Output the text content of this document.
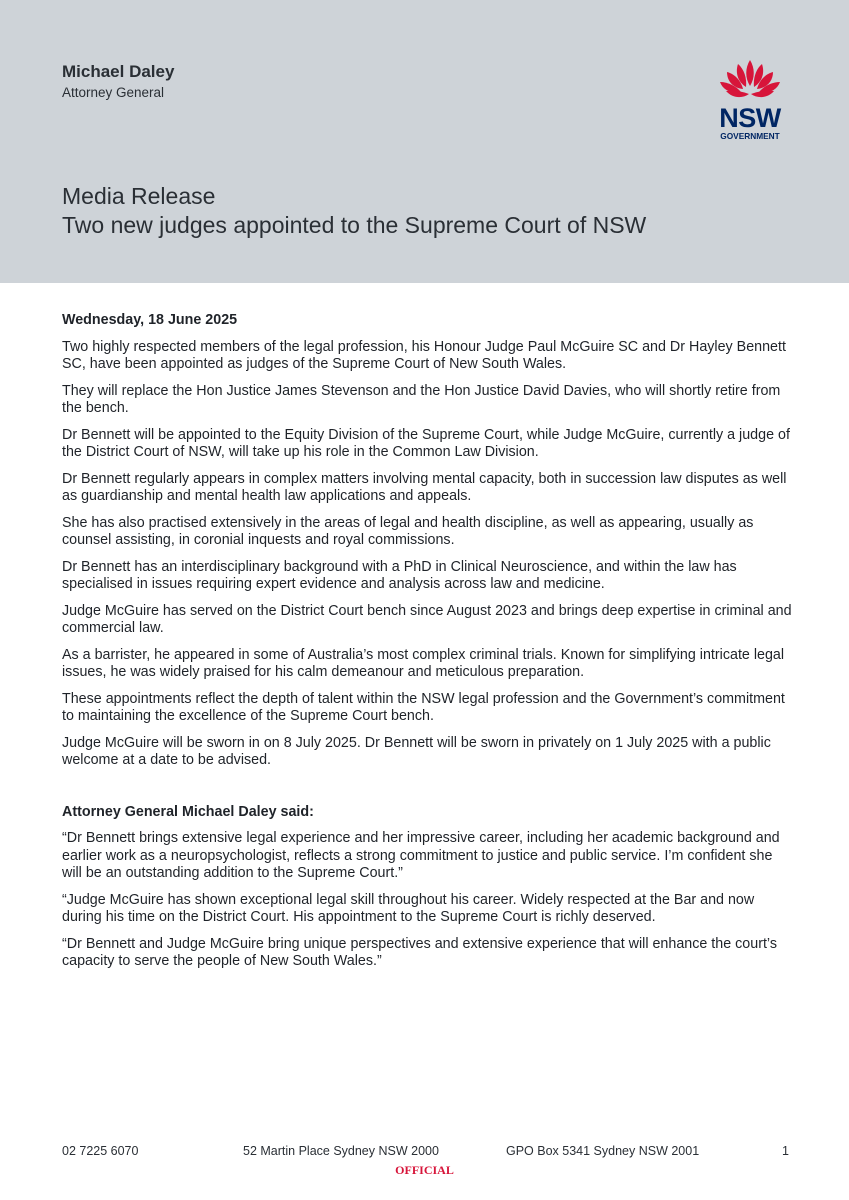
Michael Daley
Attorney General
NSW
GOVERNMENT
Media Release
Two new judges appointed to the Supreme Court of NSW

Wednesday, 18 June 2025

Two highly respected members of the legal profession, his Honour Judge Paul McGuire SC and Dr Hayley Bennett SC, have been appointed as judges of the Supreme Court of New South Wales.

They will replace the Hon Justice James Stevenson and the Hon Justice David Davies, who will shortly retire from the bench.

Dr Bennett will be appointed to the Equity Division of the Supreme Court, while Judge McGuire, currently a judge of the District Court of NSW, will take up his role in the Common Law Division.

Dr Bennett regularly appears in complex matters involving mental capacity, both in succession law disputes as well as guardianship and mental health law applications and appeals.

She has also practised extensively in the areas of legal and health discipline, as well as appearing, usually as counsel assisting, in coronial inquests and royal commissions.

Dr Bennett has an interdisciplinary background with a PhD in Clinical Neuroscience, and within the law has specialised in issues requiring expert evidence and analysis across law and medicine.

Judge McGuire has served on the District Court bench since August 2023 and brings deep expertise in criminal and commercial law.

As a barrister, he appeared in some of Australia’s most complex criminal trials. Known for simplifying intricate legal issues, he was widely praised for his calm demeanour and meticulous preparation.

These appointments reflect the depth of talent within the NSW legal profession and the Government’s commitment to maintaining the excellence of the Supreme Court bench.

Judge McGuire will be sworn in on 8 July 2025. Dr Bennett will be sworn in privately on 1 July 2025 with a public welcome at a date to be advised.

Attorney General Michael Daley said:

“Dr Bennett brings extensive legal experience and her impressive career, including her academic background and earlier work as a neuropsychologist, reflects a strong commitment to justice and public service. I’m confident she will be an outstanding addition to the Supreme Court.”

“Judge McGuire has shown exceptional legal skill throughout his career. Widely respected at the Bar and now during his time on the District Court. His appointment to the Supreme Court is richly deserved.

“Dr Bennett and Judge McGuire bring unique perspectives and extensive experience that will enhance the court’s capacity to serve the people of New South Wales.”

02 7225 6070	52 Martin Place Sydney NSW 2000	GPO Box 5341 Sydney NSW 2001	1
OFFICIAL
